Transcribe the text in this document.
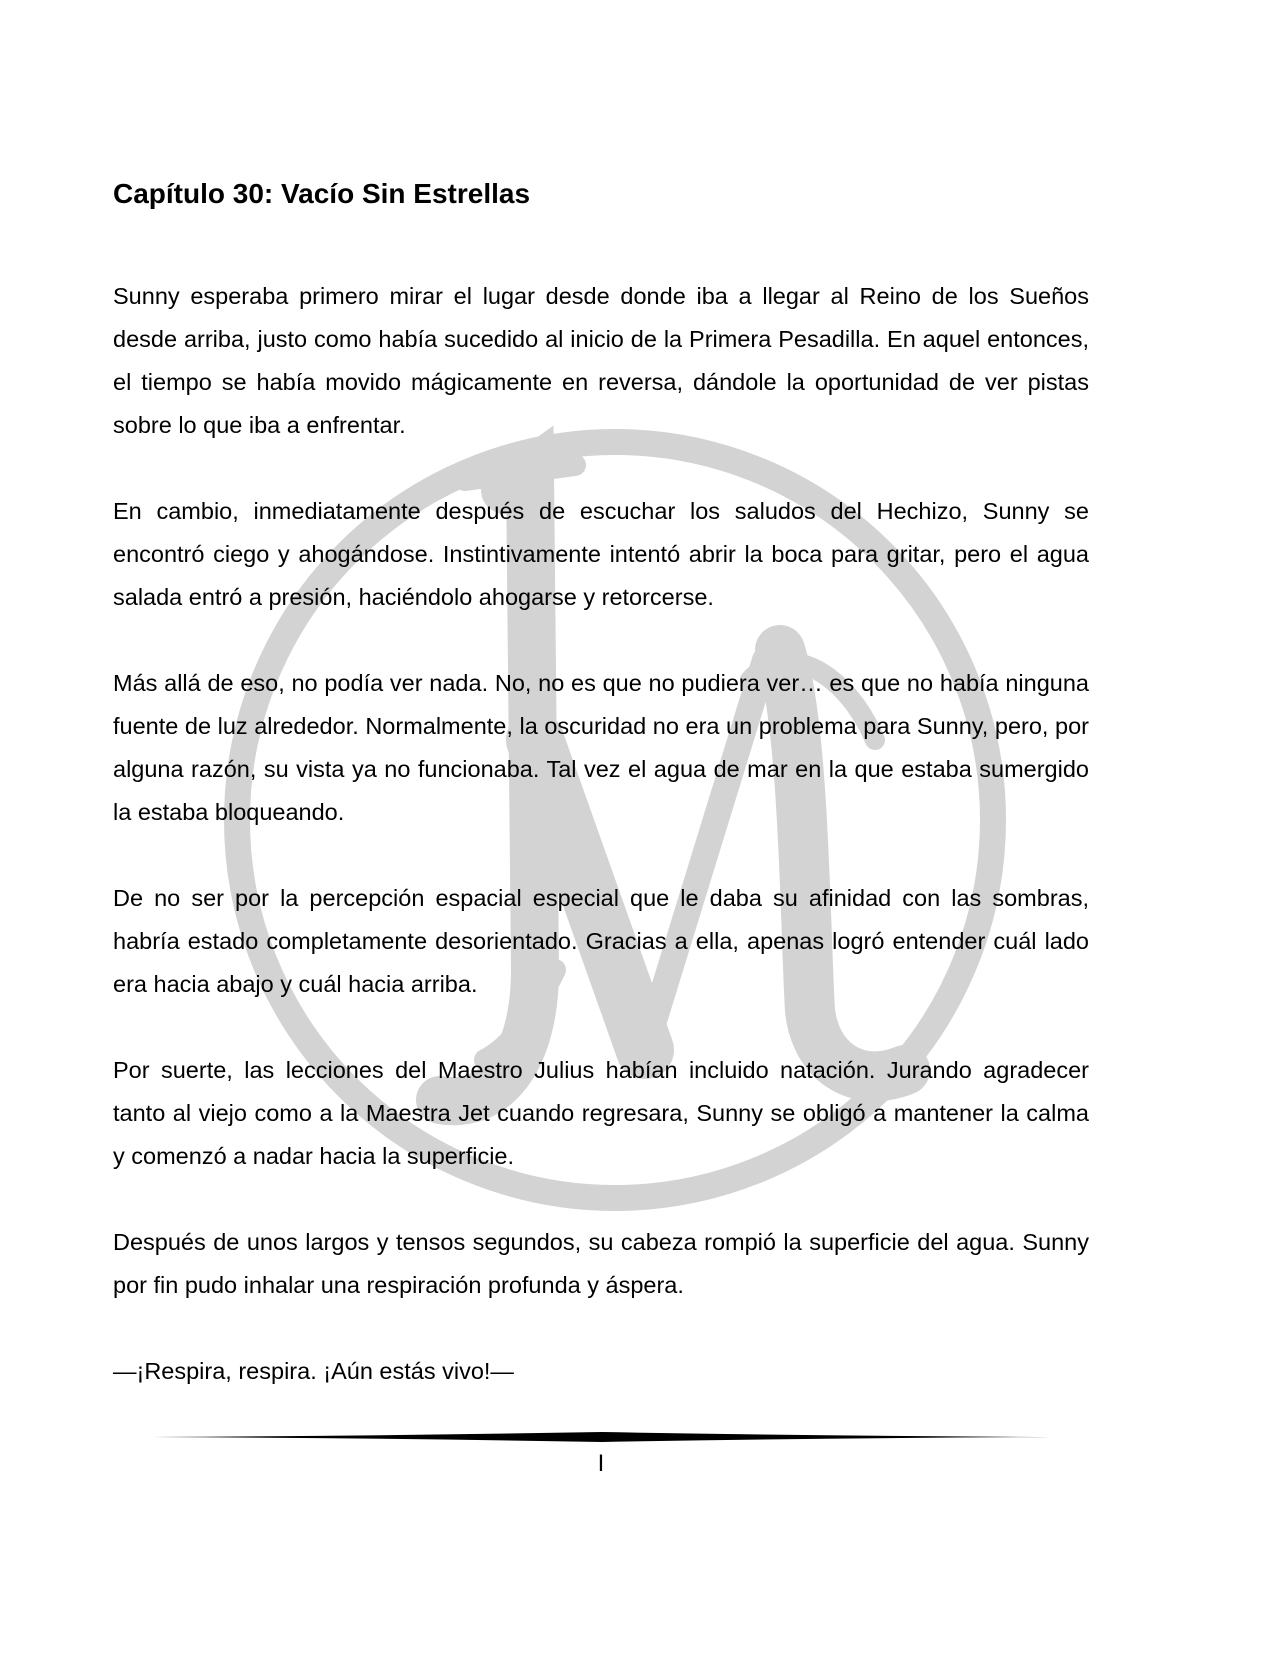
Capítulo 30: Vacío Sin Estrellas

Sunny esperaba primero mirar el lugar desde donde iba a llegar al Reino de los Sueños desde arriba, justo como había sucedido al inicio de la Primera Pesadilla. En aquel entonces, el tiempo se había movido mágicamente en reversa, dándole la oportunidad de ver pistas sobre lo que iba a enfrentar.

En cambio, inmediatamente después de escuchar los saludos del Hechizo, Sunny se encontró ciego y ahogándose. Instintivamente intentó abrir la boca para gritar, pero el agua salada entró a presión, haciéndolo ahogarse y retorcerse.

Más allá de eso, no podía ver nada. No, no es que no pudiera ver… es que no había ninguna fuente de luz alrededor. Normalmente, la oscuridad no era un problema para Sunny, pero, por alguna razón, su vista ya no funcionaba. Tal vez el agua de mar en la que estaba sumergido la estaba bloqueando.

De no ser por la percepción espacial especial que le daba su afinidad con las sombras, habría estado completamente desorientado. Gracias a ella, apenas logró entender cuál lado era hacia abajo y cuál hacia arriba.

Por suerte, las lecciones del Maestro Julius habían incluido natación. Jurando agradecer tanto al viejo como a la Maestra Jet cuando regresara, Sunny se obligó a mantener la calma y comenzó a nadar hacia la superficie.

Después de unos largos y tensos segundos, su cabeza rompió la superficie del agua. Sunny por fin pudo inhalar una respiración profunda y áspera.

—¡Respira, respira. ¡Aún estás vivo!—

I
